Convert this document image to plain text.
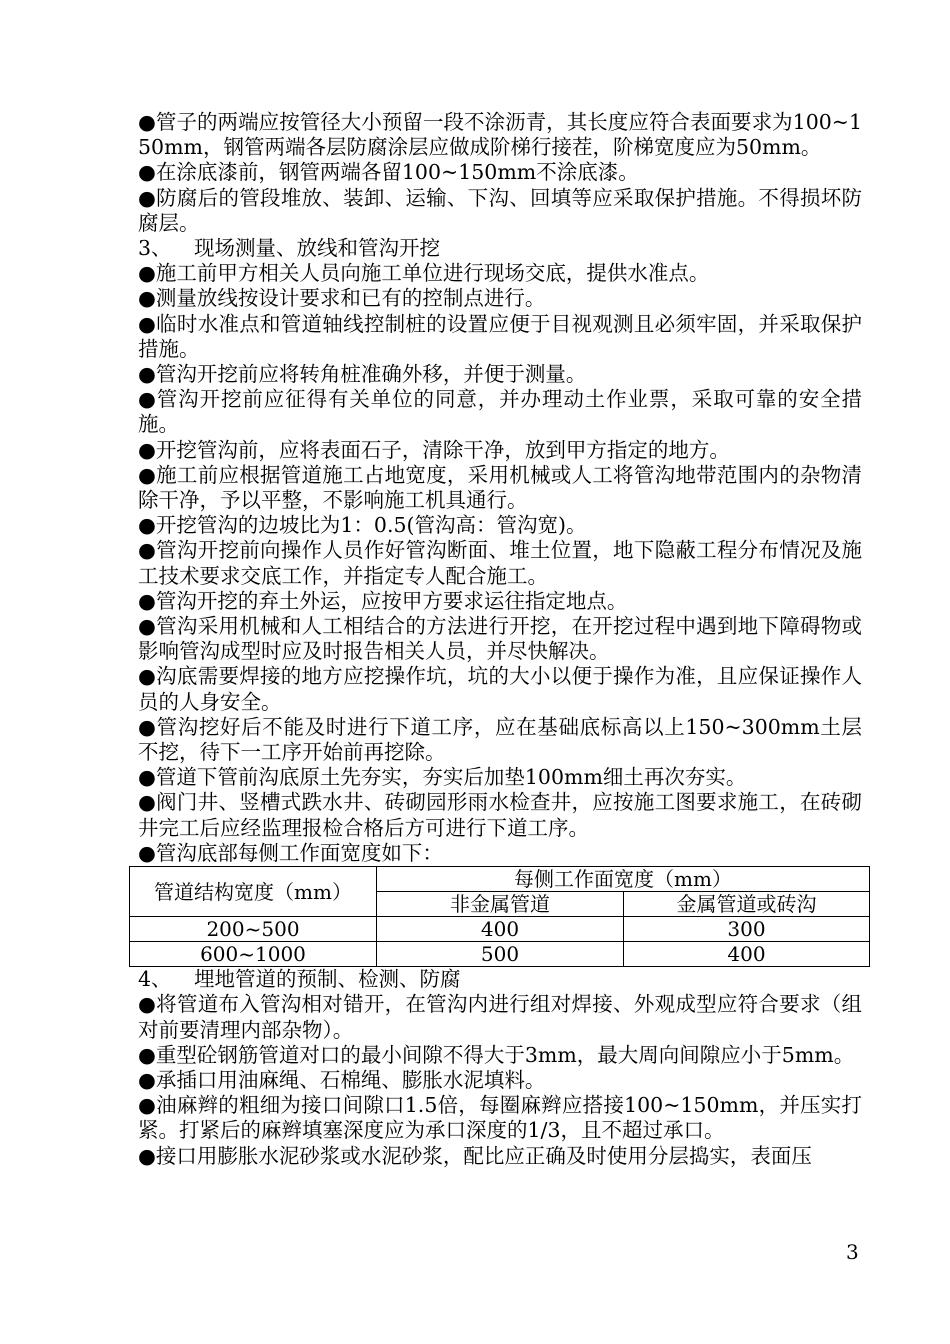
●管子的两端应按管径大小预留一段不涂沥青，其长度应符合表面要求为100~150mm，钢管两端各层防腐涂层应做成阶梯行接茬，阶梯宽度应为50mm。

●在涂底漆前，钢管两端各留100~150mm不涂底漆。

●防腐后的管段堆放、装卸、运输、下沟、回填等应采取保护措施。不得损坏防腐层。

3、 现场测量、放线和管沟开挖

●施工前甲方相关人员向施工单位进行现场交底，提供水准点。

●测量放线按设计要求和已有的控制点进行。

●临时水准点和管道轴线控制桩的设置应便于目视观测且必须牢固，并采取保护措施。

●管沟开挖前应将转角桩准确外移，并便于测量。

●管沟开挖前应征得有关单位的同意，并办理动土作业票，采取可靠的安全措施。

●开挖管沟前，应将表面石子，清除干净，放到甲方指定的地方。

●施工前应根据管道施工占地宽度，采用机械或人工将管沟地带范围内的杂物清除干净，予以平整，不影响施工机具通行。

●开挖管沟的边坡比为1：0.5(管沟高：管沟宽)。

●管沟开挖前向操作人员作好管沟断面、堆土位置，地下隐蔽工程分布情况及施工技术要求交底工作，并指定专人配合施工。

●管沟开挖的弃土外运，应按甲方要求运往指定地点。

●管沟采用机械和人工相结合的方法进行开挖，在开挖过程中遇到地下障碍物或影响管沟成型时应及时报告相关人员，并尽快解决。

●沟底需要焊接的地方应挖操作坑，坑的大小以便于操作为准，且应保证操作人员的人身安全。

●管沟挖好后不能及时进行下道工序，应在基础底标高以上150~300mm土层不挖，待下一工序开始前再挖除。

●管道下管前沟底原土先夯实，夯实后加垫100mm细土再次夯实。

●阀门井、竖槽式跌水井、砖砌园形雨水检查井，应按施工图要求施工，在砖砌井完工后应经监理报检合格后方可进行下道工序。

●管沟底部每侧工作面宽度如下：

管道结构宽度（mm）	每侧工作面宽度（mm）	
	非金属管道	金属管道或砖沟
200~500	400	300
600~1000	500	400
4、 埋地管道的预制、检测、防腐

●将管道布入管沟相对错开，在管沟内进行组对焊接、外观成型应符合要求（组对前要清理内部杂物）。

●重型砼钢筋管道对口的最小间隙不得大于3mm，最大周向间隙应小于5mm。

●承插口用油麻绳、石棉绳、膨胀水泥填料。

●油麻辫的粗细为接口间隙口1.5倍，每圈麻辫应搭接100~150mm，并压实打紧。打紧后的麻辫填塞深度应为承口深度的1/3，且不超过承口。

●接口用膨胀水泥砂浆或水泥砂浆，配比应正确及时使用分层捣实，表面压

3
